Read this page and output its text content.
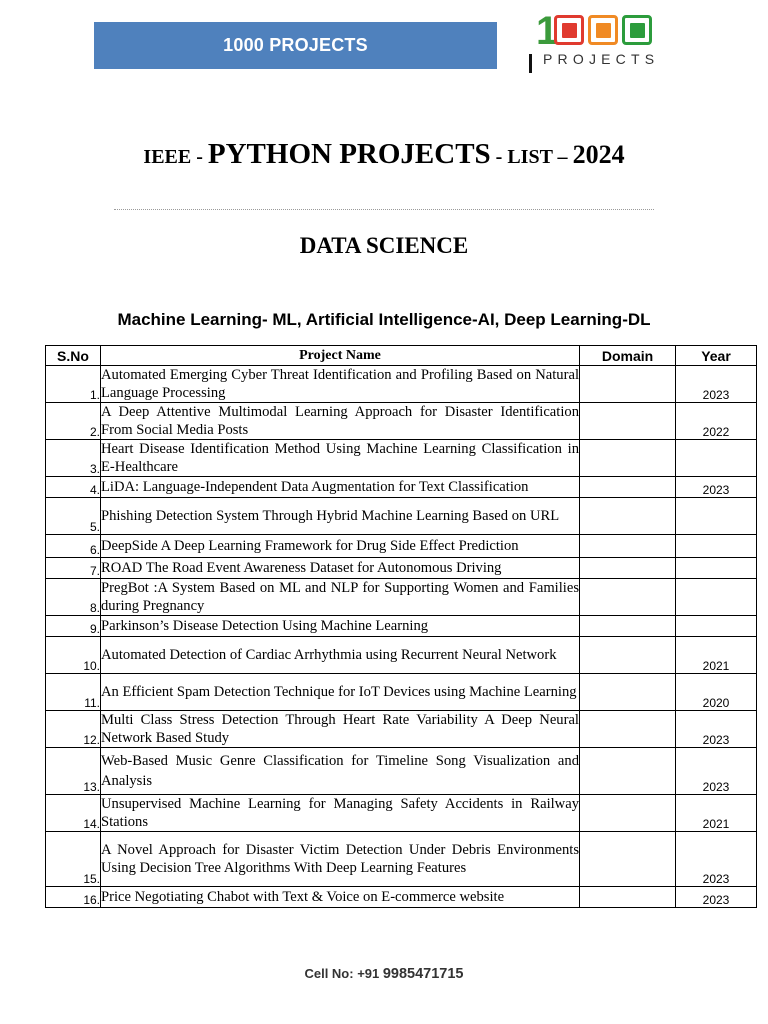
1000 PROJECTS	1
PROJECTS
IEEE - PYTHON PROJECTS - LIST – 2024
DATA SCIENCE
Machine Learning- ML, Artificial Intelligence-AI, Deep Learning-DL
S.No	Project Name	Domain	Year
1.	Automated Emerging Cyber Threat Identification and Profiling Based on Natural Language Processing		2023
2.	A Deep Attentive Multimodal Learning Approach for Disaster Identification From Social Media Posts		2022
3.	Heart Disease Identification Method Using Machine Learning Classification in E-Healthcare		
4.	LiDA: Language-Independent Data Augmentation for Text Classification		2023
5.	Phishing Detection System Through Hybrid Machine Learning Based on URL		
6.	DeepSide A Deep Learning Framework for Drug Side Effect Prediction		
7.	ROAD The Road Event Awareness Dataset for Autonomous Driving		
8.	PregBot :A System Based on ML and NLP for Supporting Women and Families during Pregnancy		
9.	Parkinson’s Disease Detection Using Machine Learning		
10.	Automated Detection of Cardiac Arrhythmia using Recurrent Neural Network		2021
11.	An Efficient Spam Detection Technique for IoT Devices using Machine Learning		2020
12.	Multi Class Stress Detection Through Heart Rate Variability A Deep Neural Network Based Study		2023
13.	Web-Based Music Genre Classification for Timeline Song Visualization and Analysis		2023
14.	Unsupervised Machine Learning for Managing Safety Accidents in Railway Stations		2021
15.	A Novel Approach for Disaster Victim Detection Under Debris Environments Using Decision Tree Algorithms With Deep Learning Features		2023
16.	Price Negotiating Chabot with Text & Voice on E-commerce website		2023
Cell No: +91 9985471715
